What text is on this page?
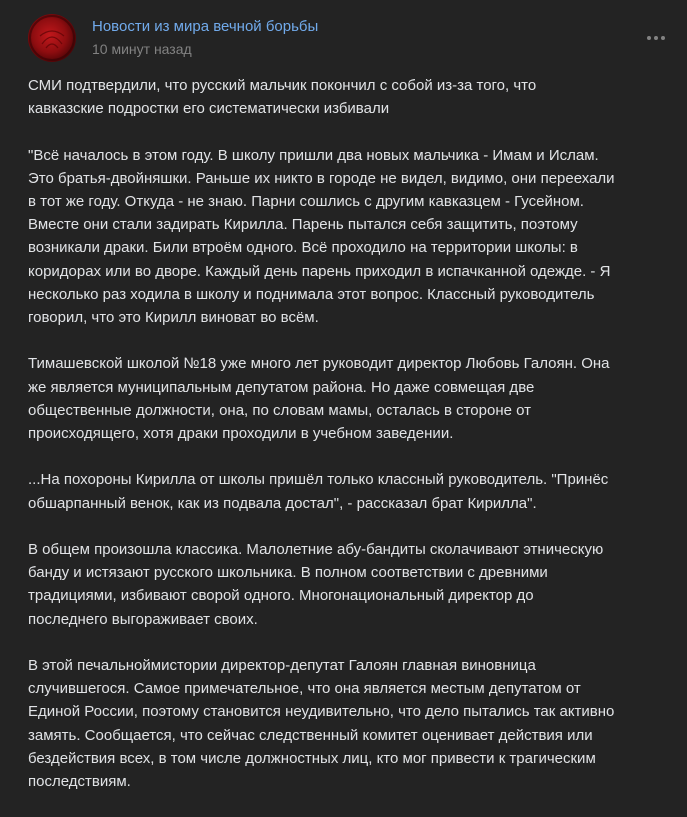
Новости из мира вечной борьбы
10 минут назад

СМИ подтвердили, что русский мальчик покончил с собой из-за того, что
кавказские подростки его систематически избивали

"Всё началось в этом году. В школу пришли два новых мальчика - Имам и Ислам.
Это братья-двойняшки. Раньше их никто в городе не видел, видимо, они переехали
в тот же году. Откуда - не знаю. Парни сошлись с другим кавказцем - Гусейном.
Вместе они стали задирать Кирилла. Парень пытался себя защитить, поэтому
возникали драки. Били втроём одного. Всё проходило на территории школы: в
коридорах или во дворе. Каждый день парень приходил в испачканной одежде. - Я
несколько раз ходила в школу и поднимала этот вопрос. Классный руководитель
говорил, что это Кирилл виноват во всём.

Тимашевской школой №18 уже много лет руководит директор Любовь Галоян. Она
же является муниципальным депутатом района. Но даже совмещая две
общественные должности, она, по словам мамы, осталась в стороне от
происходящего, хотя драки проходили в учебном заведении.

...На похороны Кирилла от школы пришёл только классный руководитель. "Принёс
обшарпанный венок, как из подвала достал", - рассказал брат Кирилла".

В общем произошла классика. Малолетние абу-бандиты сколачивают этническую
банду и истязают русского школьника. В полном соответствии с древними
традициями, избивают сворой одного. Многонациональный директор до
последнего выгораживает своих.

В этой печальноймистории директор-депутат Галоян главная виновница
случившегося. Самое примечательное, что она является местым депутатом от
Единой России, поэтому становится неудивительно, что дело пытались так активно
замять. Сообщается, что сейчас следственный комитет оценивает действия или
бездействия всех, в том числе должностных лиц, кто мог привести к трагическим
последствиям.
